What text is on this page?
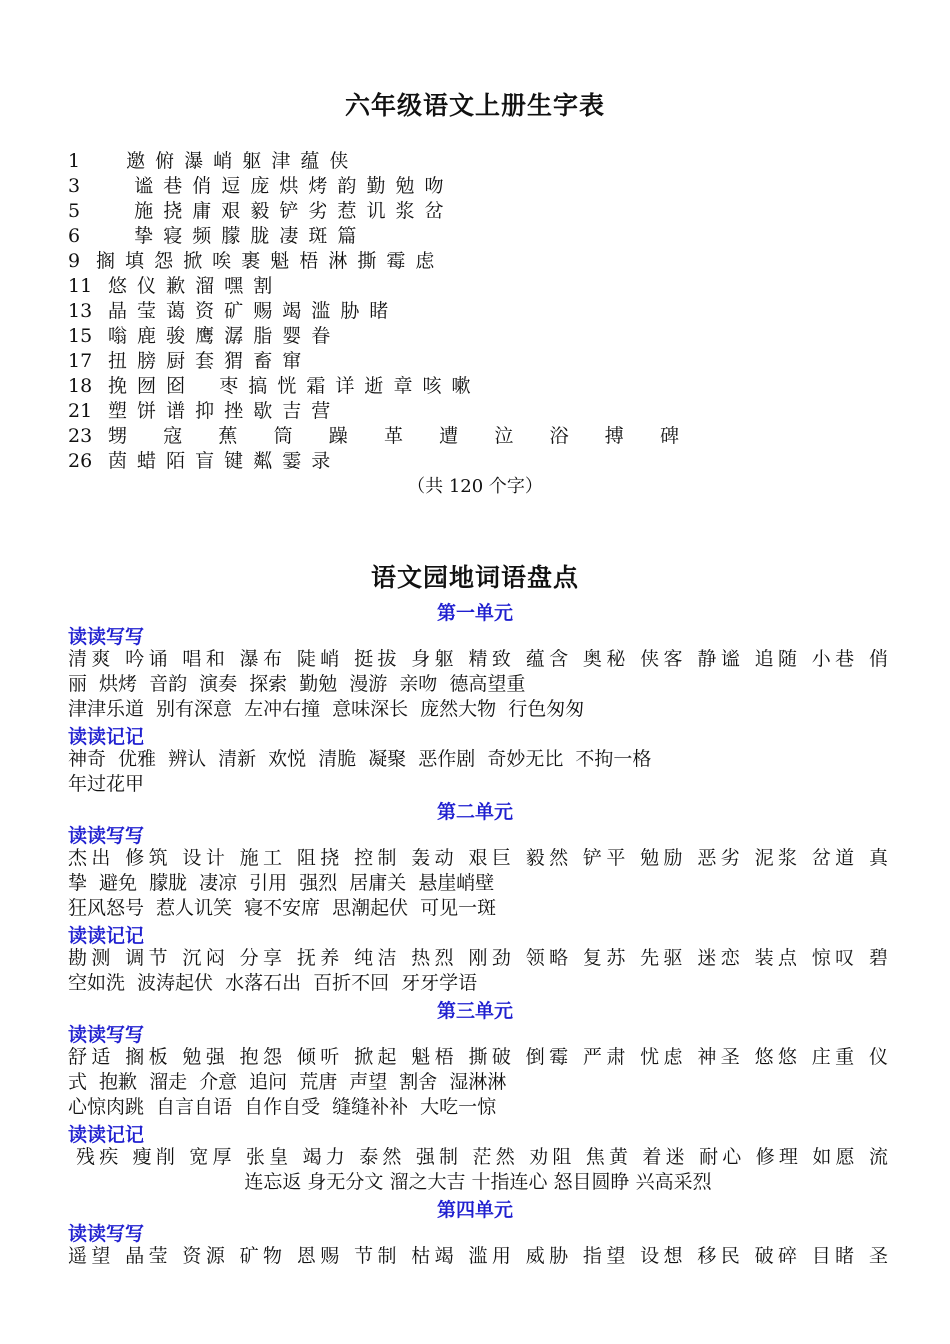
六年级语文上册生字表
1   邀 俯 瀑 峭 躯 津 蕴 侠
3    谧 巷 俏 逗 庞 烘 烤 韵 勤 勉 吻
5    施 挠 庸 艰 毅 铲 劣 惹 讥 浆 岔
6    挚 寝 频 朦 胧 凄 斑 篇
9 搁 填 怨 掀 唉 裹 魁 梧 淋 撕 霉 虑
11 悠 仪 歉 溜 嘿 割
13 晶 莹 蔼 资 矿 赐 竭 滥 胁 睹
15 嗡 鹿 骏 鹰 潺 脂 婴 眷
17 扭 膀 厨 套 猬 畜 窜
18 挽 囫 囵    枣 搞 恍 霜 详 逝 章 咳 嗽
21 塑 饼 谱 抑 挫 歇 吉 营
23 甥     寇     蕉     筒     躁     革     遭     泣     浴     搏     碑
26 茵 蜡 陌 盲 键 粼 霎 录
（共 120 个字）
语文园地词语盘点
第一单元
读读写写
清爽 吟诵 唱和 瀑布 陡峭 挺拔 身躯 精致 蕴含 奥秘 侠客 静谧 追随 小巷 俏
丽 烘烤 音韵 演奏 探索 勤勉 漫游 亲吻 德高望重
津津乐道 别有深意 左冲右撞 意味深长 庞然大物 行色匆匆
读读记记
神奇 优雅 辨认 清新 欢悦 清脆 凝聚 恶作剧 奇妙无比 不拘一格
年过花甲
第二单元
读读写写
杰出 修筑 设计 施工 阻挠 控制 轰动 艰巨 毅然 铲平 勉励 恶劣 泥浆 岔道 真
挚 避免 朦胧 凄凉 引用 强烈 居庸关 悬崖峭壁
狂风怒号 惹人讥笑 寝不安席 思潮起伏 可见一斑
读读记记
勘测 调节 沉闷 分享 抚养 纯洁 热烈 刚劲 领略 复苏 先驱 迷恋 装点 惊叹 碧
空如洗 波涛起伏 水落石出 百折不回 牙牙学语
第三单元
读读写写
舒适 搁板 勉强 抱怨 倾听 掀起 魁梧 撕破 倒霉 严肃 忧虑 神圣 悠悠 庄重 仪
式 抱歉 溜走 介意 追问 荒唐 声望 割舍 湿淋淋
心惊肉跳 自言自语 自作自受 缝缝补补 大吃一惊
读读记记
残疾 瘦削 宽厚 张皇 竭力 泰然 强制 茫然 劝阻 焦黄 着迷 耐心 修理 如愿 流
连忘返 身无分文 溜之大吉 十指连心 怒目圆睁 兴高采烈
第四单元
读读写写
遥望 晶莹 资源 矿物 恩赐 节制 枯竭 滥用 威胁 指望 设想 移民 破碎 目睹 圣
